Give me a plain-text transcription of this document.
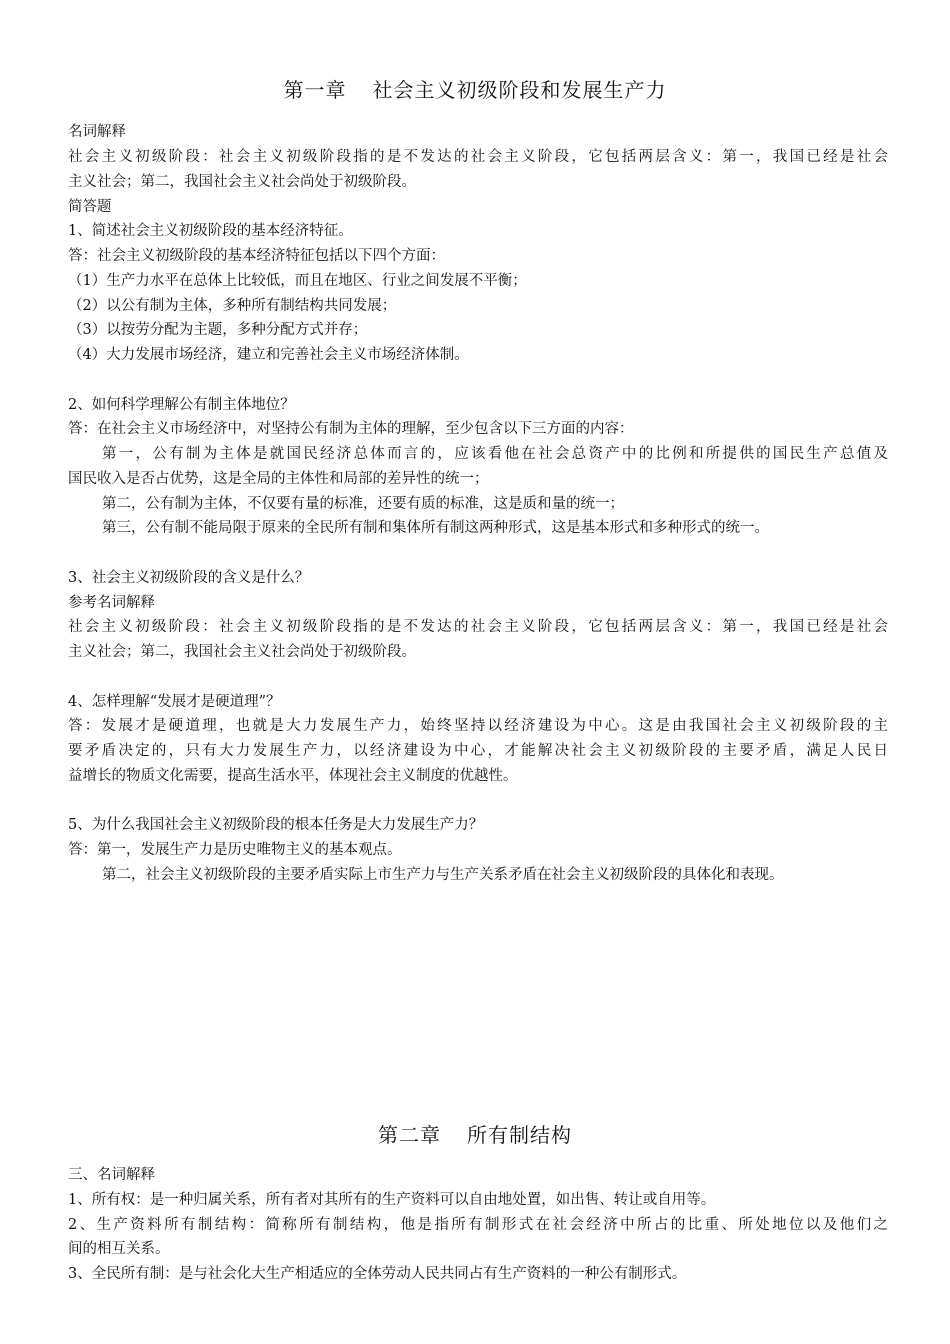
第一章 社会主义初级阶段和发展生产力
名词解释
社会主义初级阶段：社会主义初级阶段指的是不发达的社会主义阶段，它包括两层含义：第一，我国已经是社会
主义社会；第二，我国社会主义社会尚处于初级阶段。
简答题
1、简述社会主义初级阶段的基本经济特征。
答：社会主义初级阶段的基本经济特征包括以下四个方面：
（1）生产力水平在总体上比较低，而且在地区、行业之间发展不平衡；
（2）以公有制为主体，多种所有制结构共同发展；
（3）以按劳分配为主题，多种分配方式并存；
（4）大力发展市场经济，建立和完善社会主义市场经济体制。
2、如何科学理解公有制主体地位？
答：在社会主义市场经济中，对坚持公有制为主体的理解，至少包含以下三方面的内容：
第一，公有制为主体是就国民经济总体而言的，应该看他在社会总资产中的比例和所提供的国民生产总值及
国民收入是否占优势，这是全局的主体性和局部的差异性的统一；
第二，公有制为主体，不仅要有量的标准，还要有质的标准，这是质和量的统一；
第三，公有制不能局限于原来的全民所有制和集体所有制这两种形式，这是基本形式和多种形式的统一。
3、社会主义初级阶段的含义是什么？
参考名词解释
社会主义初级阶段：社会主义初级阶段指的是不发达的社会主义阶段，它包括两层含义：第一，我国已经是社会
主义社会；第二，我国社会主义社会尚处于初级阶段。
4、怎样理解“发展才是硬道理”？
答：发展才是硬道理，也就是大力发展生产力，始终坚持以经济建设为中心。这是由我国社会主义初级阶段的主
要矛盾决定的，只有大力发展生产力，以经济建设为中心，才能解决社会主义初级阶段的主要矛盾，满足人民日
益增长的物质文化需要，提高生活水平，体现社会主义制度的优越性。
5、为什么我国社会主义初级阶段的根本任务是大力发展生产力？
答：第一，发展生产力是历史唯物主义的基本观点。
第二，社会主义初级阶段的主要矛盾实际上市生产力与生产关系矛盾在社会主义初级阶段的具体化和表现。
第二章 所有制结构
三、名词解释
1、所有权：是一种归属关系，所有者对其所有的生产资料可以自由地处置，如出售、转让或自用等。
2、生产资料所有制结构：简称所有制结构，他是指所有制形式在社会经济中所占的比重、所处地位以及他们之
间的相互关系。
3、全民所有制：是与社会化大生产相适应的全体劳动人民共同占有生产资料的一种公有制形式。
